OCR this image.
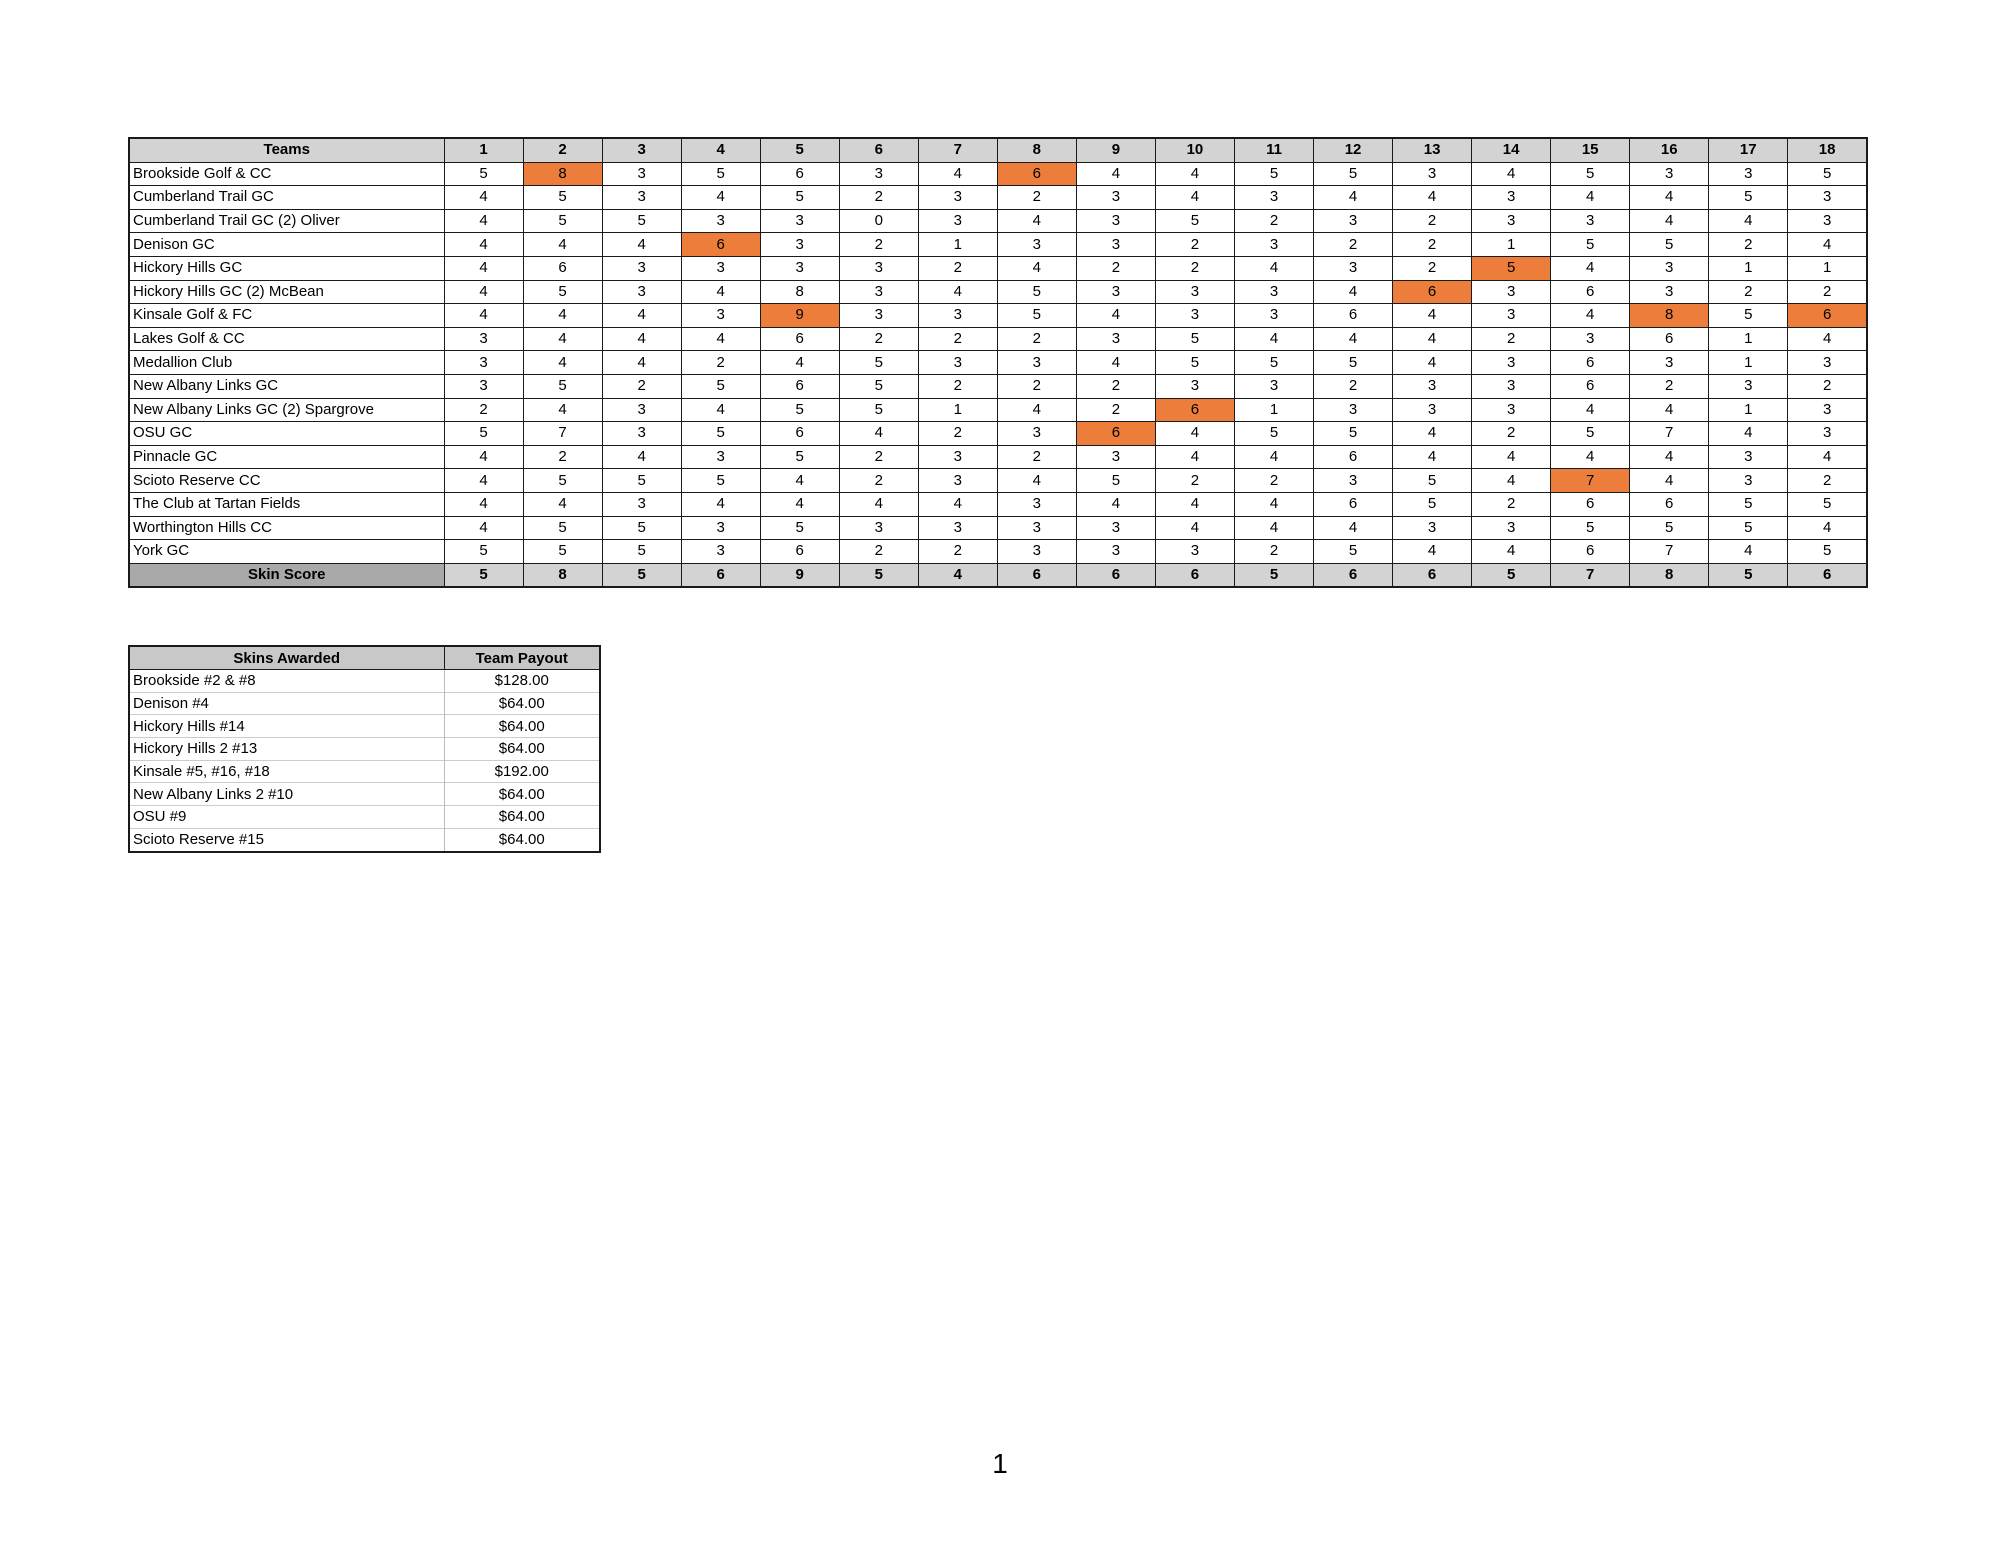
Teams	1	2	3	4	5	6	7	8	9	10	11	12	13	14	15	16	17	18
Brookside Golf & CC	5	8	3	5	6	3	4	6	4	4	5	5	3	4	5	3	3	5
Cumberland Trail GC	4	5	3	4	5	2	3	2	3	4	3	4	4	3	4	4	5	3
Cumberland Trail GC (2) Oliver	4	5	5	3	3	0	3	4	3	5	2	3	2	3	3	4	4	3
Denison GC	4	4	4	6	3	2	1	3	3	2	3	2	2	1	5	5	2	4
Hickory Hills GC	4	6	3	3	3	3	2	4	2	2	4	3	2	5	4	3	1	1
Hickory Hills GC (2) McBean	4	5	3	4	8	3	4	5	3	3	3	4	6	3	6	3	2	2
Kinsale Golf & FC	4	4	4	3	9	3	3	5	4	3	3	6	4	3	4	8	5	6
Lakes Golf & CC	3	4	4	4	6	2	2	2	3	5	4	4	4	2	3	6	1	4
Medallion Club	3	4	4	2	4	5	3	3	4	5	5	5	4	3	6	3	1	3
New Albany Links GC	3	5	2	5	6	5	2	2	2	3	3	2	3	3	6	2	3	2
New Albany Links GC (2) Spargrove	2	4	3	4	5	5	1	4	2	6	1	3	3	3	4	4	1	3
OSU GC	5	7	3	5	6	4	2	3	6	4	5	5	4	2	5	7	4	3
Pinnacle GC	4	2	4	3	5	2	3	2	3	4	4	6	4	4	4	4	3	4
Scioto Reserve CC	4	5	5	5	4	2	3	4	5	2	2	3	5	4	7	4	3	2
The Club at Tartan Fields	4	4	3	4	4	4	4	3	4	4	4	6	5	2	6	6	5	5
Worthington Hills CC	4	5	5	3	5	3	3	3	3	4	4	4	3	3	5	5	5	4
York GC	5	5	5	3	6	2	2	3	3	3	2	5	4	4	6	7	4	5
Skin Score	5	8	5	6	9	5	4	6	6	6	5	6	6	5	7	8	5	6
Skins Awarded	Team Payout
Brookside #2 & #8	$128.00
Denison #4	$64.00
Hickory Hills #14	$64.00
Hickory Hills 2 #13	$64.00
Kinsale #5, #16, #18	$192.00
New Albany Links 2 #10	$64.00
OSU #9	$64.00
Scioto Reserve #15	$64.00
1
